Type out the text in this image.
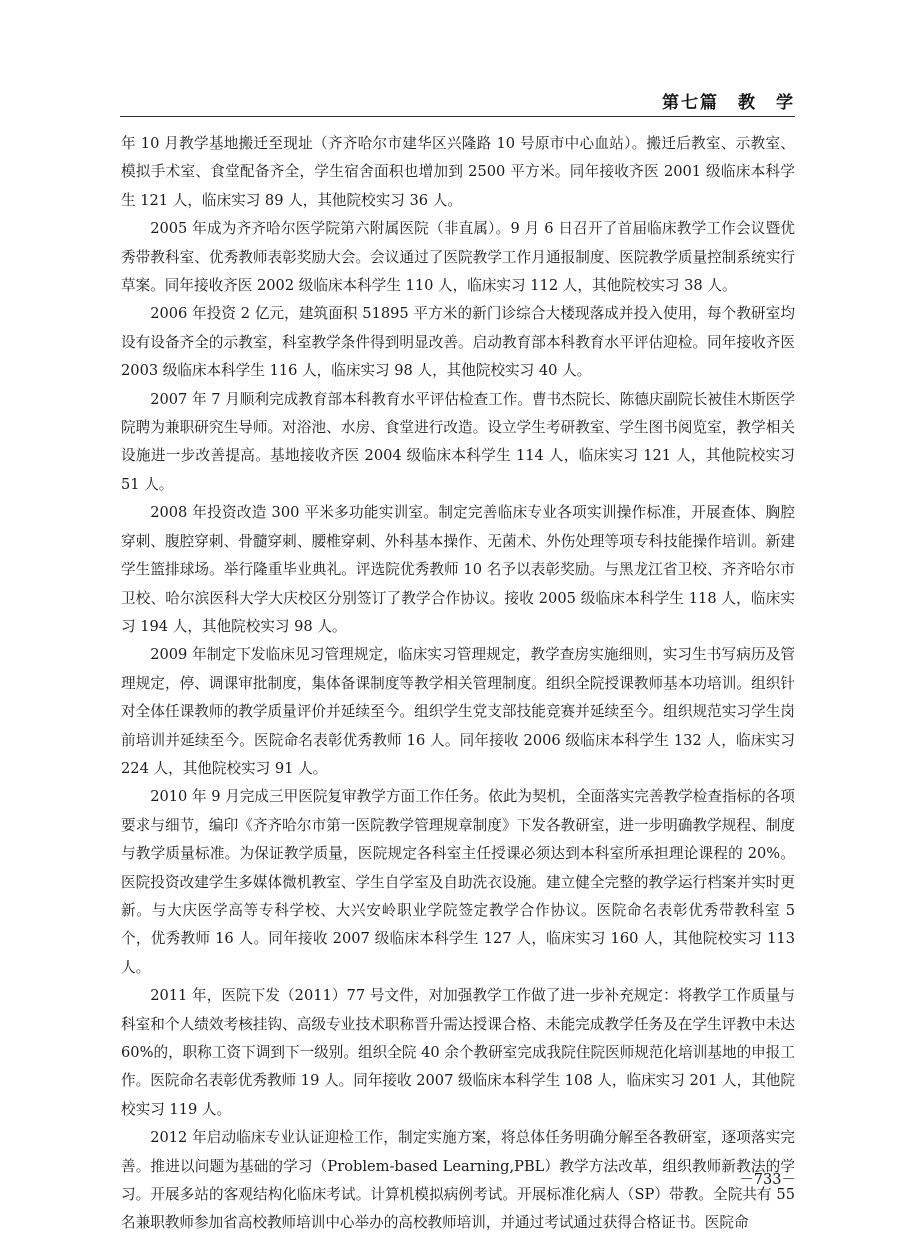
第七篇　教　学

年 10 月教学基地搬迁至现址（齐齐哈尔市建华区兴隆路 10 号原市中心血站）。搬迁后教室、示教室、模拟手术室、食堂配备齐全，学生宿舍面积也增加到 2500 平方米。同年接收齐医 2001 级临床本科学生 121 人，临床实习 89 人，其他院校实习 36 人。

2005 年成为齐齐哈尔医学院第六附属医院（非直属）。9 月 6 日召开了首届临床教学工作会议暨优秀带教科室、优秀教师表彰奖励大会。会议通过了医院教学工作月通报制度、医院教学质量控制系统实行草案。同年接收齐医 2002 级临床本科学生 110 人，临床实习 112 人，其他院校实习 38 人。

2006 年投资 2 亿元，建筑面积 51895 平方米的新门诊综合大楼现落成并投入使用，每个教研室均设有设备齐全的示教室，科室教学条件得到明显改善。启动教育部本科教育水平评估迎检。同年接收齐医 2003 级临床本科学生 116 人，临床实习 98 人，其他院校实习 40 人。

2007 年 7 月顺利完成教育部本科教育水平评估检查工作。曹书杰院长、陈德庆副院长被佳木斯医学院聘为兼职研究生导师。对浴池、水房、食堂进行改造。设立学生考研教室、学生图书阅览室，教学相关设施进一步改善提高。基地接收齐医 2004 级临床本科学生 114 人，临床实习 121 人，其他院校实习 51 人。

2008 年投资改造 300 平米多功能实训室。制定完善临床专业各项实训操作标准，开展查体、胸腔穿刺、腹腔穿刺、骨髓穿刺、腰椎穿刺、外科基本操作、无菌术、外伤处理等项专科技能操作培训。新建学生篮排球场。举行隆重毕业典礼。评选院优秀教师 10 名予以表彰奖励。与黑龙江省卫校、齐齐哈尔市卫校、哈尔滨医科大学大庆校区分别签订了教学合作协议。接收 2005 级临床本科学生 118 人，临床实习 194 人，其他院校实习 98 人。

2009 年制定下发临床见习管理规定，临床实习管理规定，教学查房实施细则，实习生书写病历及管理规定，停、调课审批制度，集体备课制度等教学相关管理制度。组织全院授课教师基本功培训。组织针对全体任课教师的教学质量评价并延续至今。组织学生党支部技能竞赛并延续至今。组织规范实习学生岗前培训并延续至今。医院命名表彰优秀教师 16 人。同年接收 2006 级临床本科学生 132 人，临床实习 224 人，其他院校实习 91 人。

2010 年 9 月完成三甲医院复审教学方面工作任务。依此为契机，全面落实完善教学检查指标的各项要求与细节，编印《齐齐哈尔市第一医院教学管理规章制度》下发各教研室，进一步明确教学规程、制度与教学质量标准。为保证教学质量，医院规定各科室主任授课必须达到本科室所承担理论课程的 20%。医院投资改建学生多媒体微机教室、学生自学室及自助洗衣设施。建立健全完整的教学运行档案并实时更新。与大庆医学高等专科学校、大兴安岭职业学院签定教学合作协议。医院命名表彰优秀带教科室 5 个，优秀教师 16 人。同年接收 2007 级临床本科学生 127 人，临床实习 160 人，其他院校实习 113 人。

2011 年，医院下发（2011）77 号文件，对加强教学工作做了进一步补充规定：将教学工作质量与科室和个人绩效考核挂钩、高级专业技术职称晋升需达授课合格、未能完成教学任务及在学生评教中未达 60%的，职称工资下调到下一级别。组织全院 40 余个教研室完成我院住院医师规范化培训基地的申报工作。医院命名表彰优秀教师 19 人。同年接收 2007 级临床本科学生 108 人，临床实习 201 人，其他院校实习 119 人。

2012 年启动临床专业认证迎检工作，制定实施方案，将总体任务明确分解至各教研室，逐项落实完善。推进以问题为基础的学习（Problem-based Learning,PBL）教学方法改革，组织教师新教法的学习。开展多站的客观结构化临床考试。计算机模拟病例考试。开展标准化病人（SP）带教。全院共有 55 名兼职教师参加省高校教师培训中心举办的高校教师培训，并通过考试通过获得合格证书。医院命

－733－
